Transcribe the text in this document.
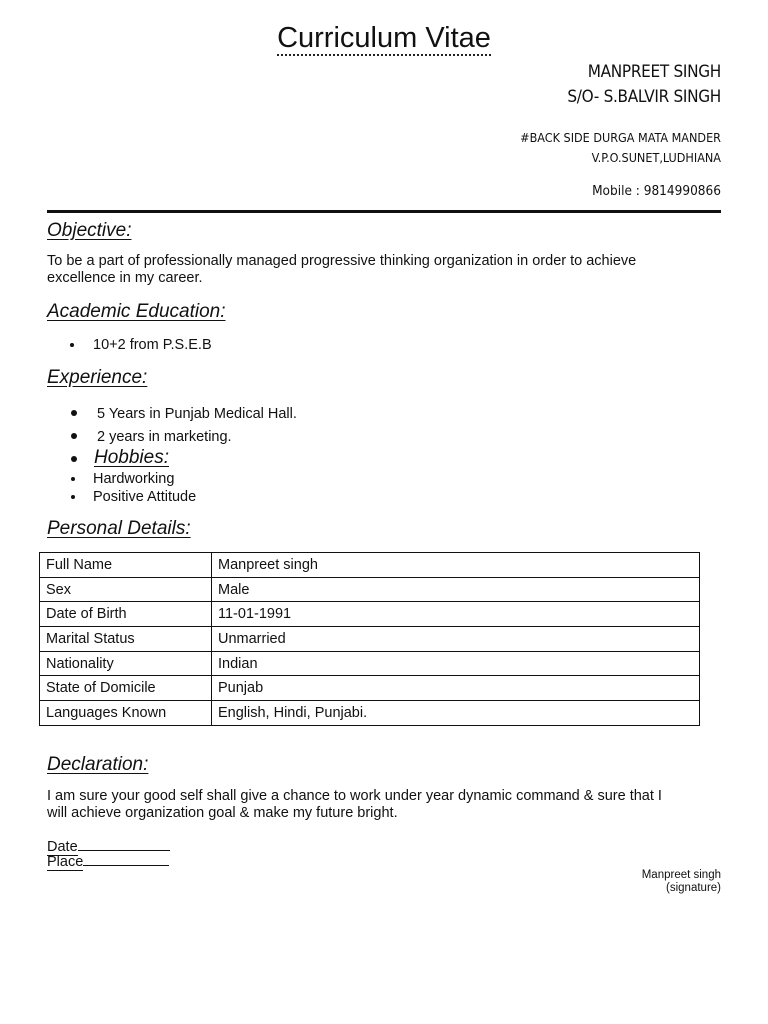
Curriculum Vitae
MANPREET SINGH
S/O- S.BALVIR SINGH
#BACK SIDE DURGA MATA MANDER
V.P.O.SUNET,LUDHIANA
Mobile : 9814990866
Objective:
To be a part of professionally managed progressive thinking organization in order to achieve
excellence in my career.
Academic Education:
10+2 from P.S.E.B
Experience:
5 Years in Punjab Medical Hall.
2 years in marketing.
Hobbies:
Hardworking
Positive Attitude
Personal Details:
Full Name	Manpreet singh
Sex	Male
Date of Birth	11-01-1991
Marital Status	Unmarried
Nationality	Indian
State of Domicile	Punjab
Languages Known	English, Hindi, Punjabi.
Declaration:
I am sure your good self shall give a chance to work under year dynamic command & sure that I
will achieve organization goal & make my future bright.
Date
Place
Manpreet singh
(signature)
